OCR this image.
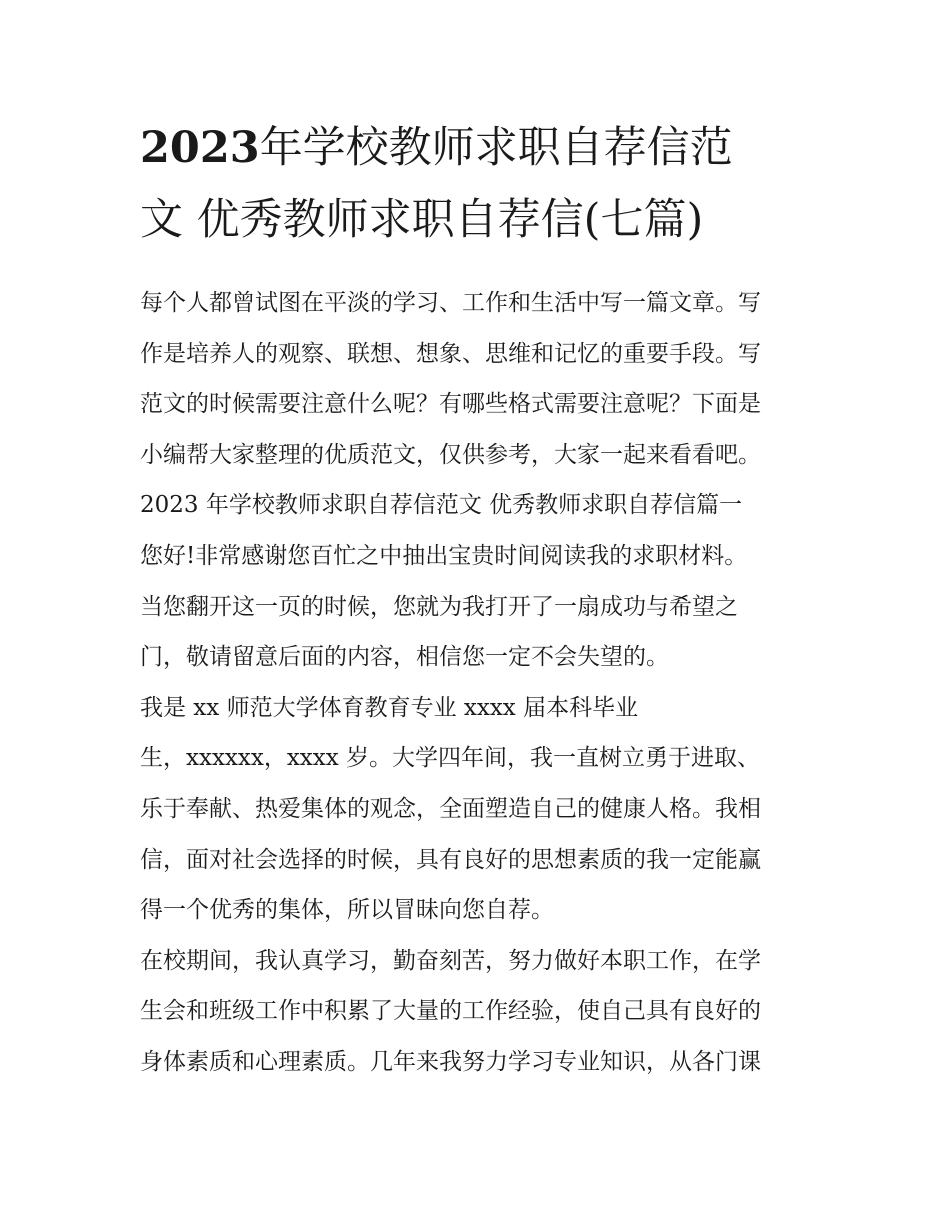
2023年学校教师求职自荐信范
文 优秀教师求职自荐信(七篇)
每个人都曾试图在平淡的学习、工作和生活中写一篇文章。写
作是培养人的观察、联想、想象、思维和记忆的重要手段。写
范文的时候需要注意什么呢？有哪些格式需要注意呢？下面是
小编帮大家整理的优质范文，仅供参考，大家一起来看看吧。
2023 年学校教师求职自荐信范文 优秀教师求职自荐信篇一
您好!非常感谢您百忙之中抽出宝贵时间阅读我的求职材料。
当您翻开这一页的时候，您就为我打开了一扇成功与希望之
门，敬请留意后面的内容，相信您一定不会失望的。
我是 xx 师范大学体育教育专业 xxxx 届本科毕业
生，xxxxxx，xxxx 岁。大学四年间，我一直树立勇于进取、
乐于奉献、热爱集体的观念，全面塑造自己的健康人格。我相
信，面对社会选择的时候，具有良好的思想素质的我一定能赢
得一个优秀的集体，所以冒昧向您自荐。
在校期间，我认真学习，勤奋刻苦，努力做好本职工作，在学
生会和班级工作中积累了大量的工作经验，使自己具有良好的
身体素质和心理素质。几年来我努力学习专业知识，从各门课
